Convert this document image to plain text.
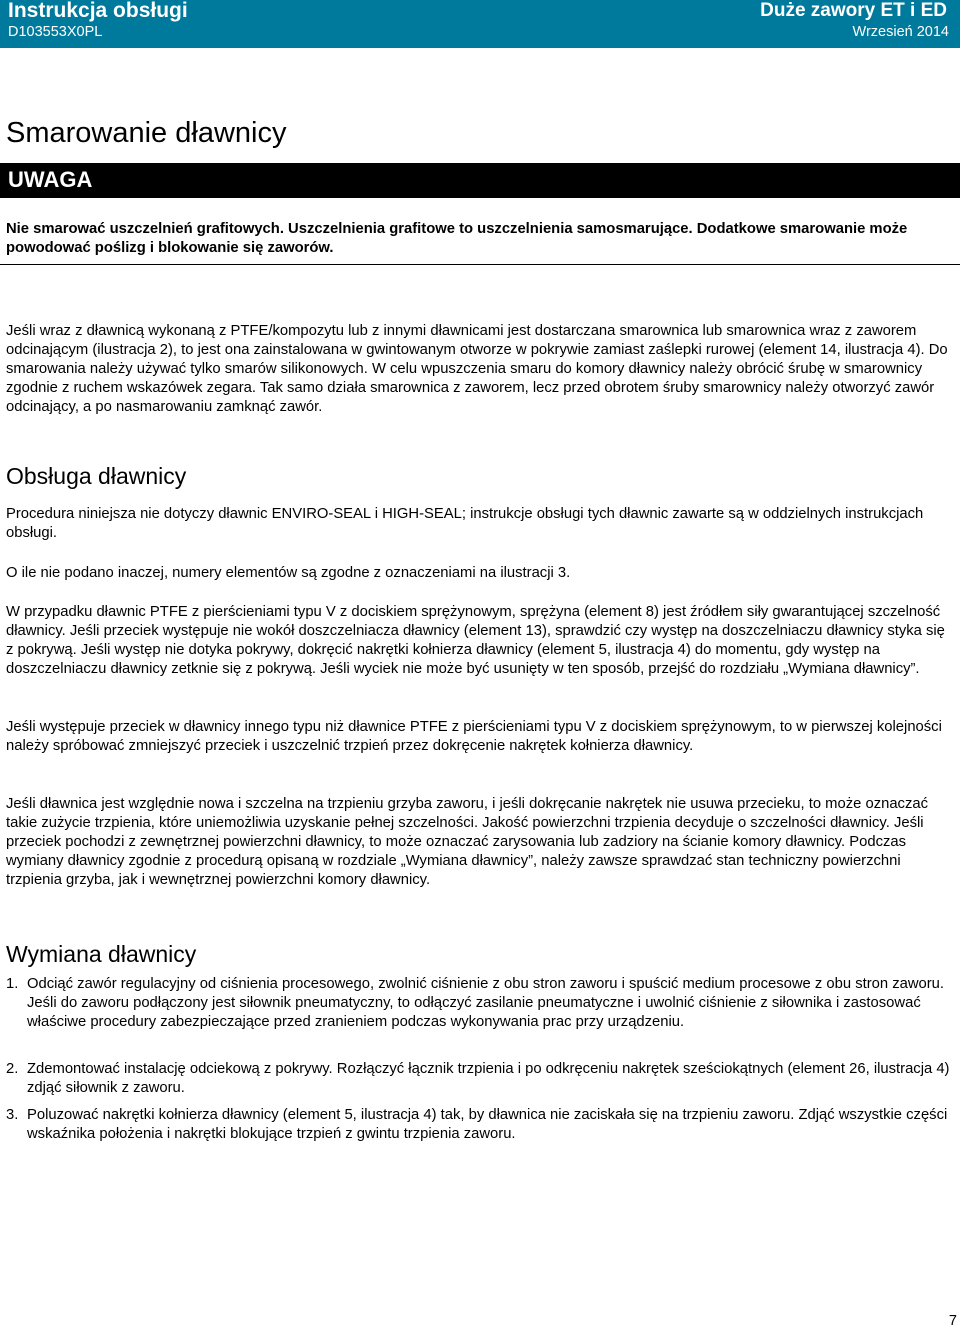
Instrukcja obsługi
D103553X0PL
Duże zawory ET i ED
Wrzesień 2014
Smarowanie dławnicy
UWAGA

Nie smarować uszczelnień grafitowych. Uszczelnienia grafitowe to uszczelnienia samosmarujące. Dodatkowe smarowanie może powodować poślizg i blokowanie się zaworów.

Jeśli wraz z dławnicą wykonaną z PTFE/kompozytu lub z innymi dławnicami jest dostarczana smarownica lub smarownica wraz z zaworem odcinającym (ilustracja 2), to jest ona zainstalowana w gwintowanym otworze w pokrywie zamiast zaślepki rurowej (element 14, ilustracja 4). Do smarowania należy używać tylko smarów silikonowych. W celu wpuszczenia smaru do komory dławnicy należy obrócić śrubę w smarownicy zgodnie z ruchem wskazówek zegara. Tak samo działa smarownica z zaworem, lecz przed obrotem śruby smarownicy należy otworzyć zawór odcinający, a po nasmarowaniu zamknąć zawór.

Obsługa dławnicy

Procedura niniejsza nie dotyczy dławnic ENVIRO-SEAL i HIGH-SEAL; instrukcje obsługi tych dławnic zawarte są w oddzielnych instrukcjach obsługi.

O ile nie podano inaczej, numery elementów są zgodne z oznaczeniami na ilustracji 3.

W przypadku dławnic PTFE z pierścieniami typu V z dociskiem sprężynowym, sprężyna (element 8) jest źródłem siły gwarantującej szczelność dławnicy. Jeśli przeciek występuje nie wokół doszczelniacza dławnicy (element 13), sprawdzić czy występ na doszczelniaczu dławnicy styka się z pokrywą. Jeśli występ nie dotyka pokrywy, dokręcić nakrętki kołnierza dławnicy (element 5, ilustracja 4) do momentu, gdy występ na doszczelniaczu dławnicy zetknie się z pokrywą. Jeśli wyciek nie może być usunięty w ten sposób, przejść do rozdziału „Wymiana dławnicy”.

Jeśli występuje przeciek w dławnicy innego typu niż dławnice PTFE z pierścieniami typu V z dociskiem sprężynowym, to w pierwszej kolejności należy spróbować zmniejszyć przeciek i uszczelnić trzpień przez dokręcenie nakrętek kołnierza dławnicy.

Jeśli dławnica jest względnie nowa i szczelna na trzpieniu grzyba zaworu, i jeśli dokręcanie nakrętek nie usuwa przecieku, to może oznaczać takie zużycie trzpienia, które uniemożliwia uzyskanie pełnej szczelności. Jakość powierzchni trzpienia decyduje o szczelności dławnicy. Jeśli przeciek pochodzi z zewnętrznej powierzchni dławnicy, to może oznaczać zarysowania lub zadziory na ścianie komory dławnicy. Podczas wymiany dławnicy zgodnie z procedurą opisaną w rozdziale „Wymiana dławnicy”, należy zawsze sprawdzać stan techniczny powierzchni trzpienia grzyba, jak i wewnętrznej powierzchni komory dławnicy.

Wymiana dławnicy
1. Odciąć zawór regulacyjny od ciśnienia procesowego, zwolnić ciśnienie z obu stron zaworu i spuścić medium procesowe z obu stron zaworu. Jeśli do zaworu podłączony jest siłownik pneumatyczny, to odłączyć zasilanie pneumatyczne i uwolnić ciśnienie z siłownika i zastosować właściwe procedury zabezpieczające przed zranieniem podczas wykonywania prac przy urządzeniu.
2. Zdemontować instalację odciekową z pokrywy. Rozłączyć łącznik trzpienia i po odkręceniu nakrętek sześciokątnych (element 26, ilustracja 4) zdjąć siłownik z zaworu.
3. Poluzować nakrętki kołnierza dławnicy (element 5, ilustracja 4) tak, by dławnica nie zaciskała się na trzpieniu zaworu. Zdjąć wszystkie części wskaźnika położenia i nakrętki blokujące trzpień z gwintu trzpienia zaworu.
7
